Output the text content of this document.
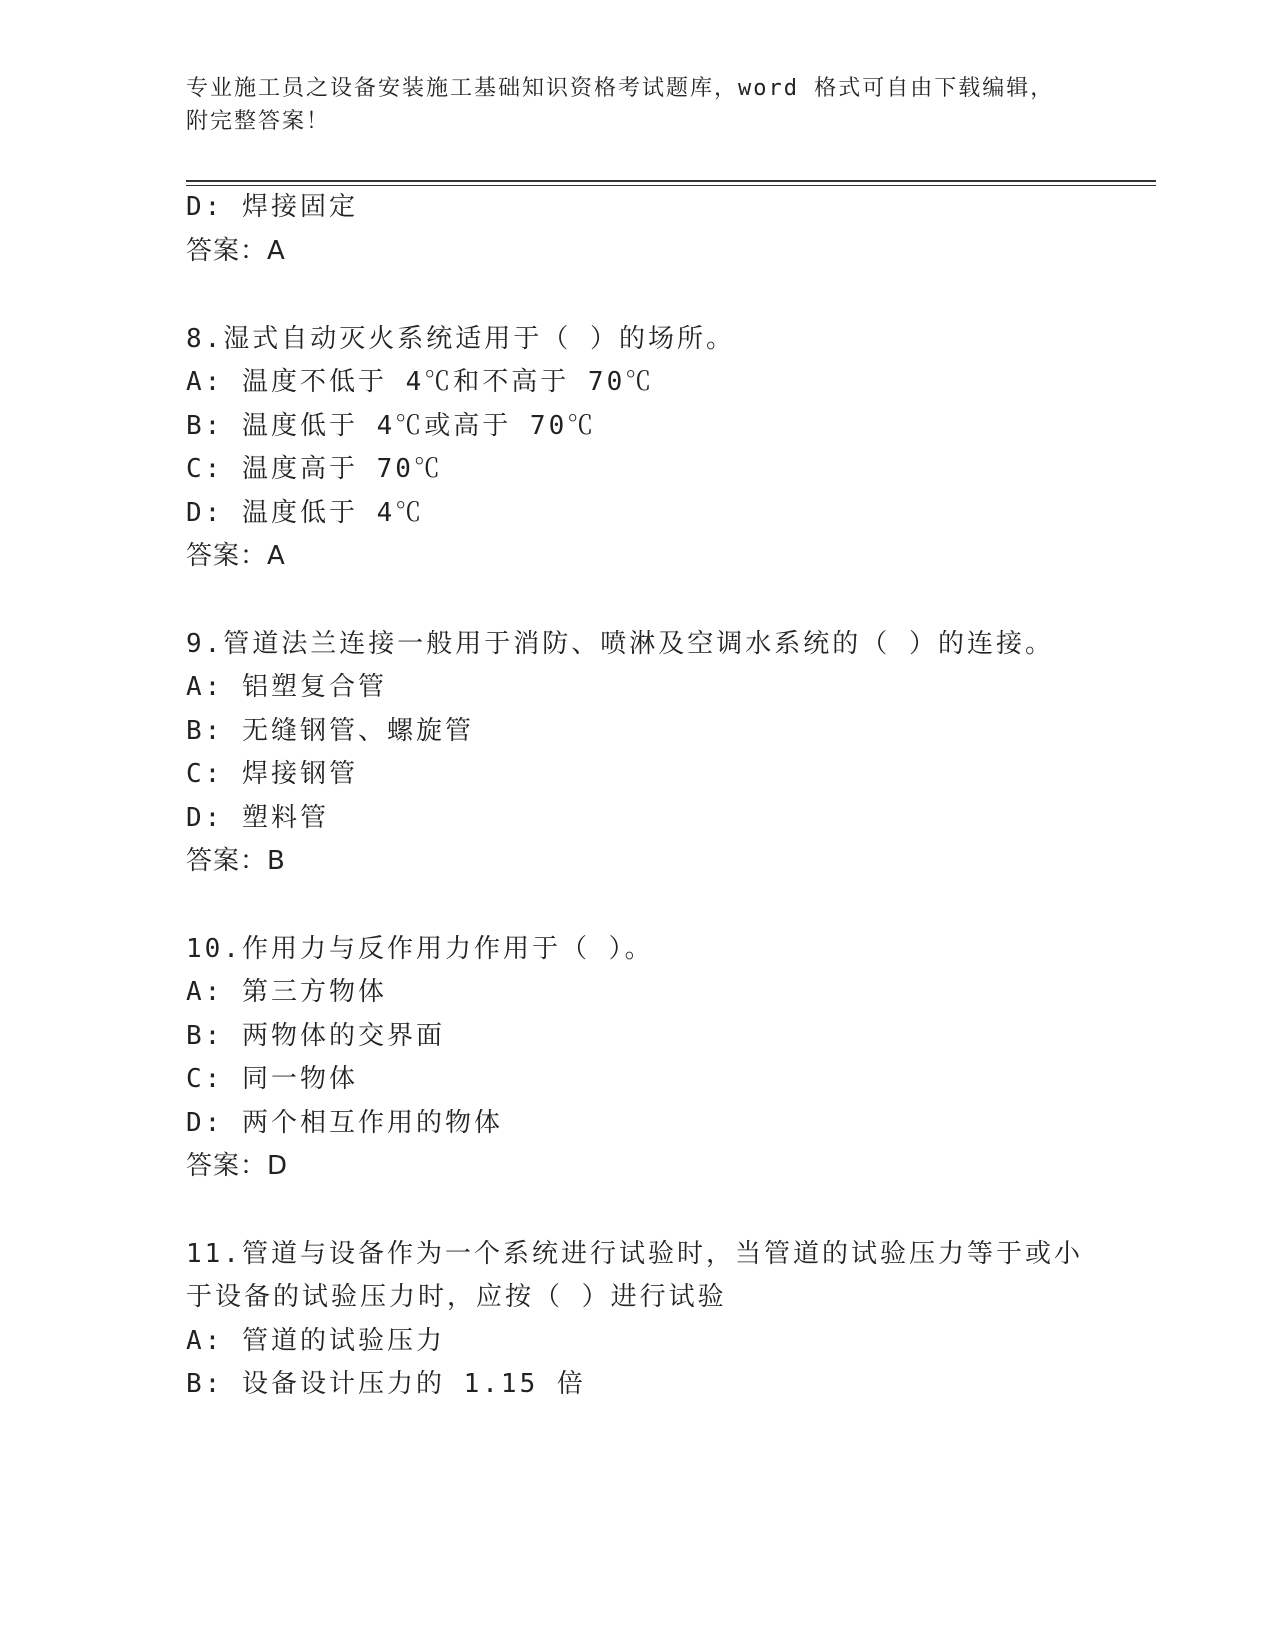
专业施工员之设备安装施工基础知识资格考试题库，word 格式可自由下载编辑，
附完整答案！
D: 焊接固定
答案：A
8.湿式自动灭火系统适用于（ ）的场所。
A: 温度不低于 4℃和不高于 70℃
B: 温度低于 4℃或高于 70℃
C: 温度高于 70℃
D: 温度低于 4℃
答案：A
9.管道法兰连接一般用于消防、喷淋及空调水系统的（ ）的连接。
A: 铝塑复合管
B: 无缝钢管、螺旋管
C: 焊接钢管
D: 塑料管
答案：B
10.作用力与反作用力作用于（ ）。
A: 第三方物体
B: 两物体的交界面
C: 同一物体
D: 两个相互作用的物体
答案：D
11.管道与设备作为一个系统进行试验时，当管道的试验压力等于或小
于设备的试验压力时，应按（ ）进行试验
A: 管道的试验压力
B: 设备设计压力的 1.15 倍
